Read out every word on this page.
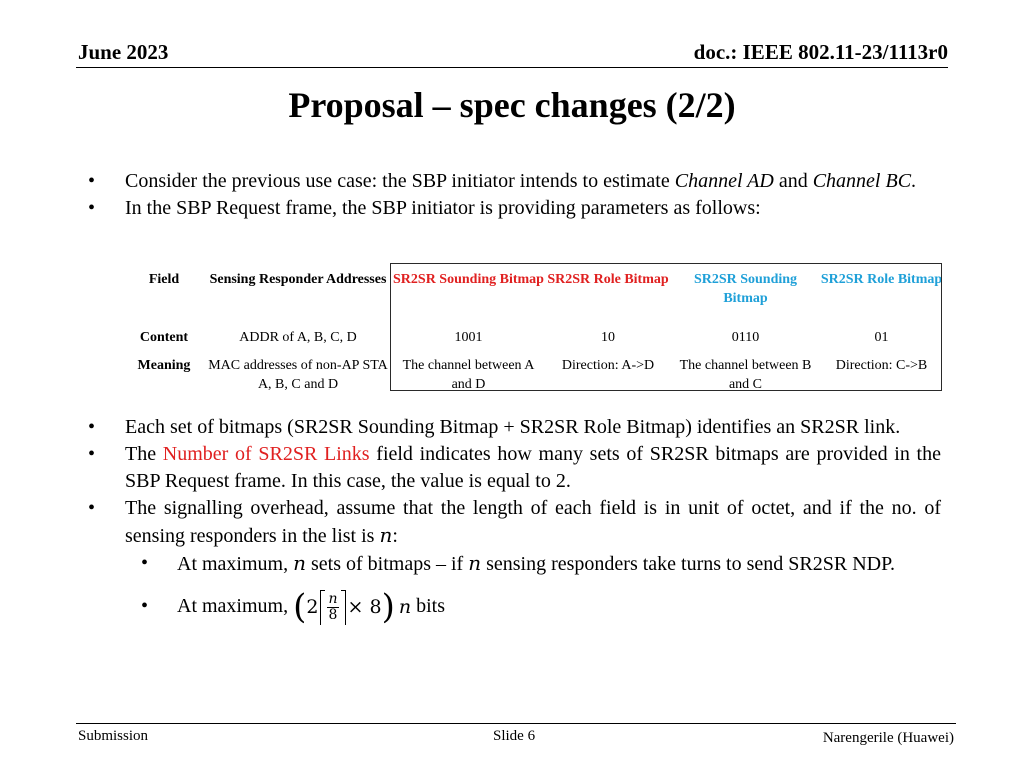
June 2023	doc.: IEEE 802.11-23/1113r0
Proposal – spec changes (2/2)
• Consider the previous use case: the SBP initiator intends to estimate Channel AD and Channel BC.
• In the SBP Request frame, the SBP initiator is providing parameters as follows:
Field	Sensing Responder Addresses	SR2SR Sounding Bitmap	SR2SR Role Bitmap	SR2SR Sounding Bitmap	SR2SR Role Bitmap
Content	ADDR of A, B, C, D	1001	10	0110	01
Meaning	MAC addresses of non-AP STA A, B, C and D	The channel between A and D	Direction: A->D	The channel between B and C	Direction: C->B
• Each set of bitmaps (SR2SR Sounding Bitmap + SR2SR Role Bitmap) identifies an SR2SR link.
• The Number of SR2SR Links field indicates how many sets of SR2SR bitmaps are provided in the SBP Request frame. In this case, the value is equal to 2.
• The signalling overhead, assume that the length of each field is in unit of octet, and if the no. of sensing responders in the list is n:
• At maximum, n sets of bitmaps – if n sensing responders take turns to send SR2SR NDP.
• At maximum, ( $2 \frac{n}{8} \times 8$ ) n bits
Submission	Slide 6	Narengerile (Huawei)
